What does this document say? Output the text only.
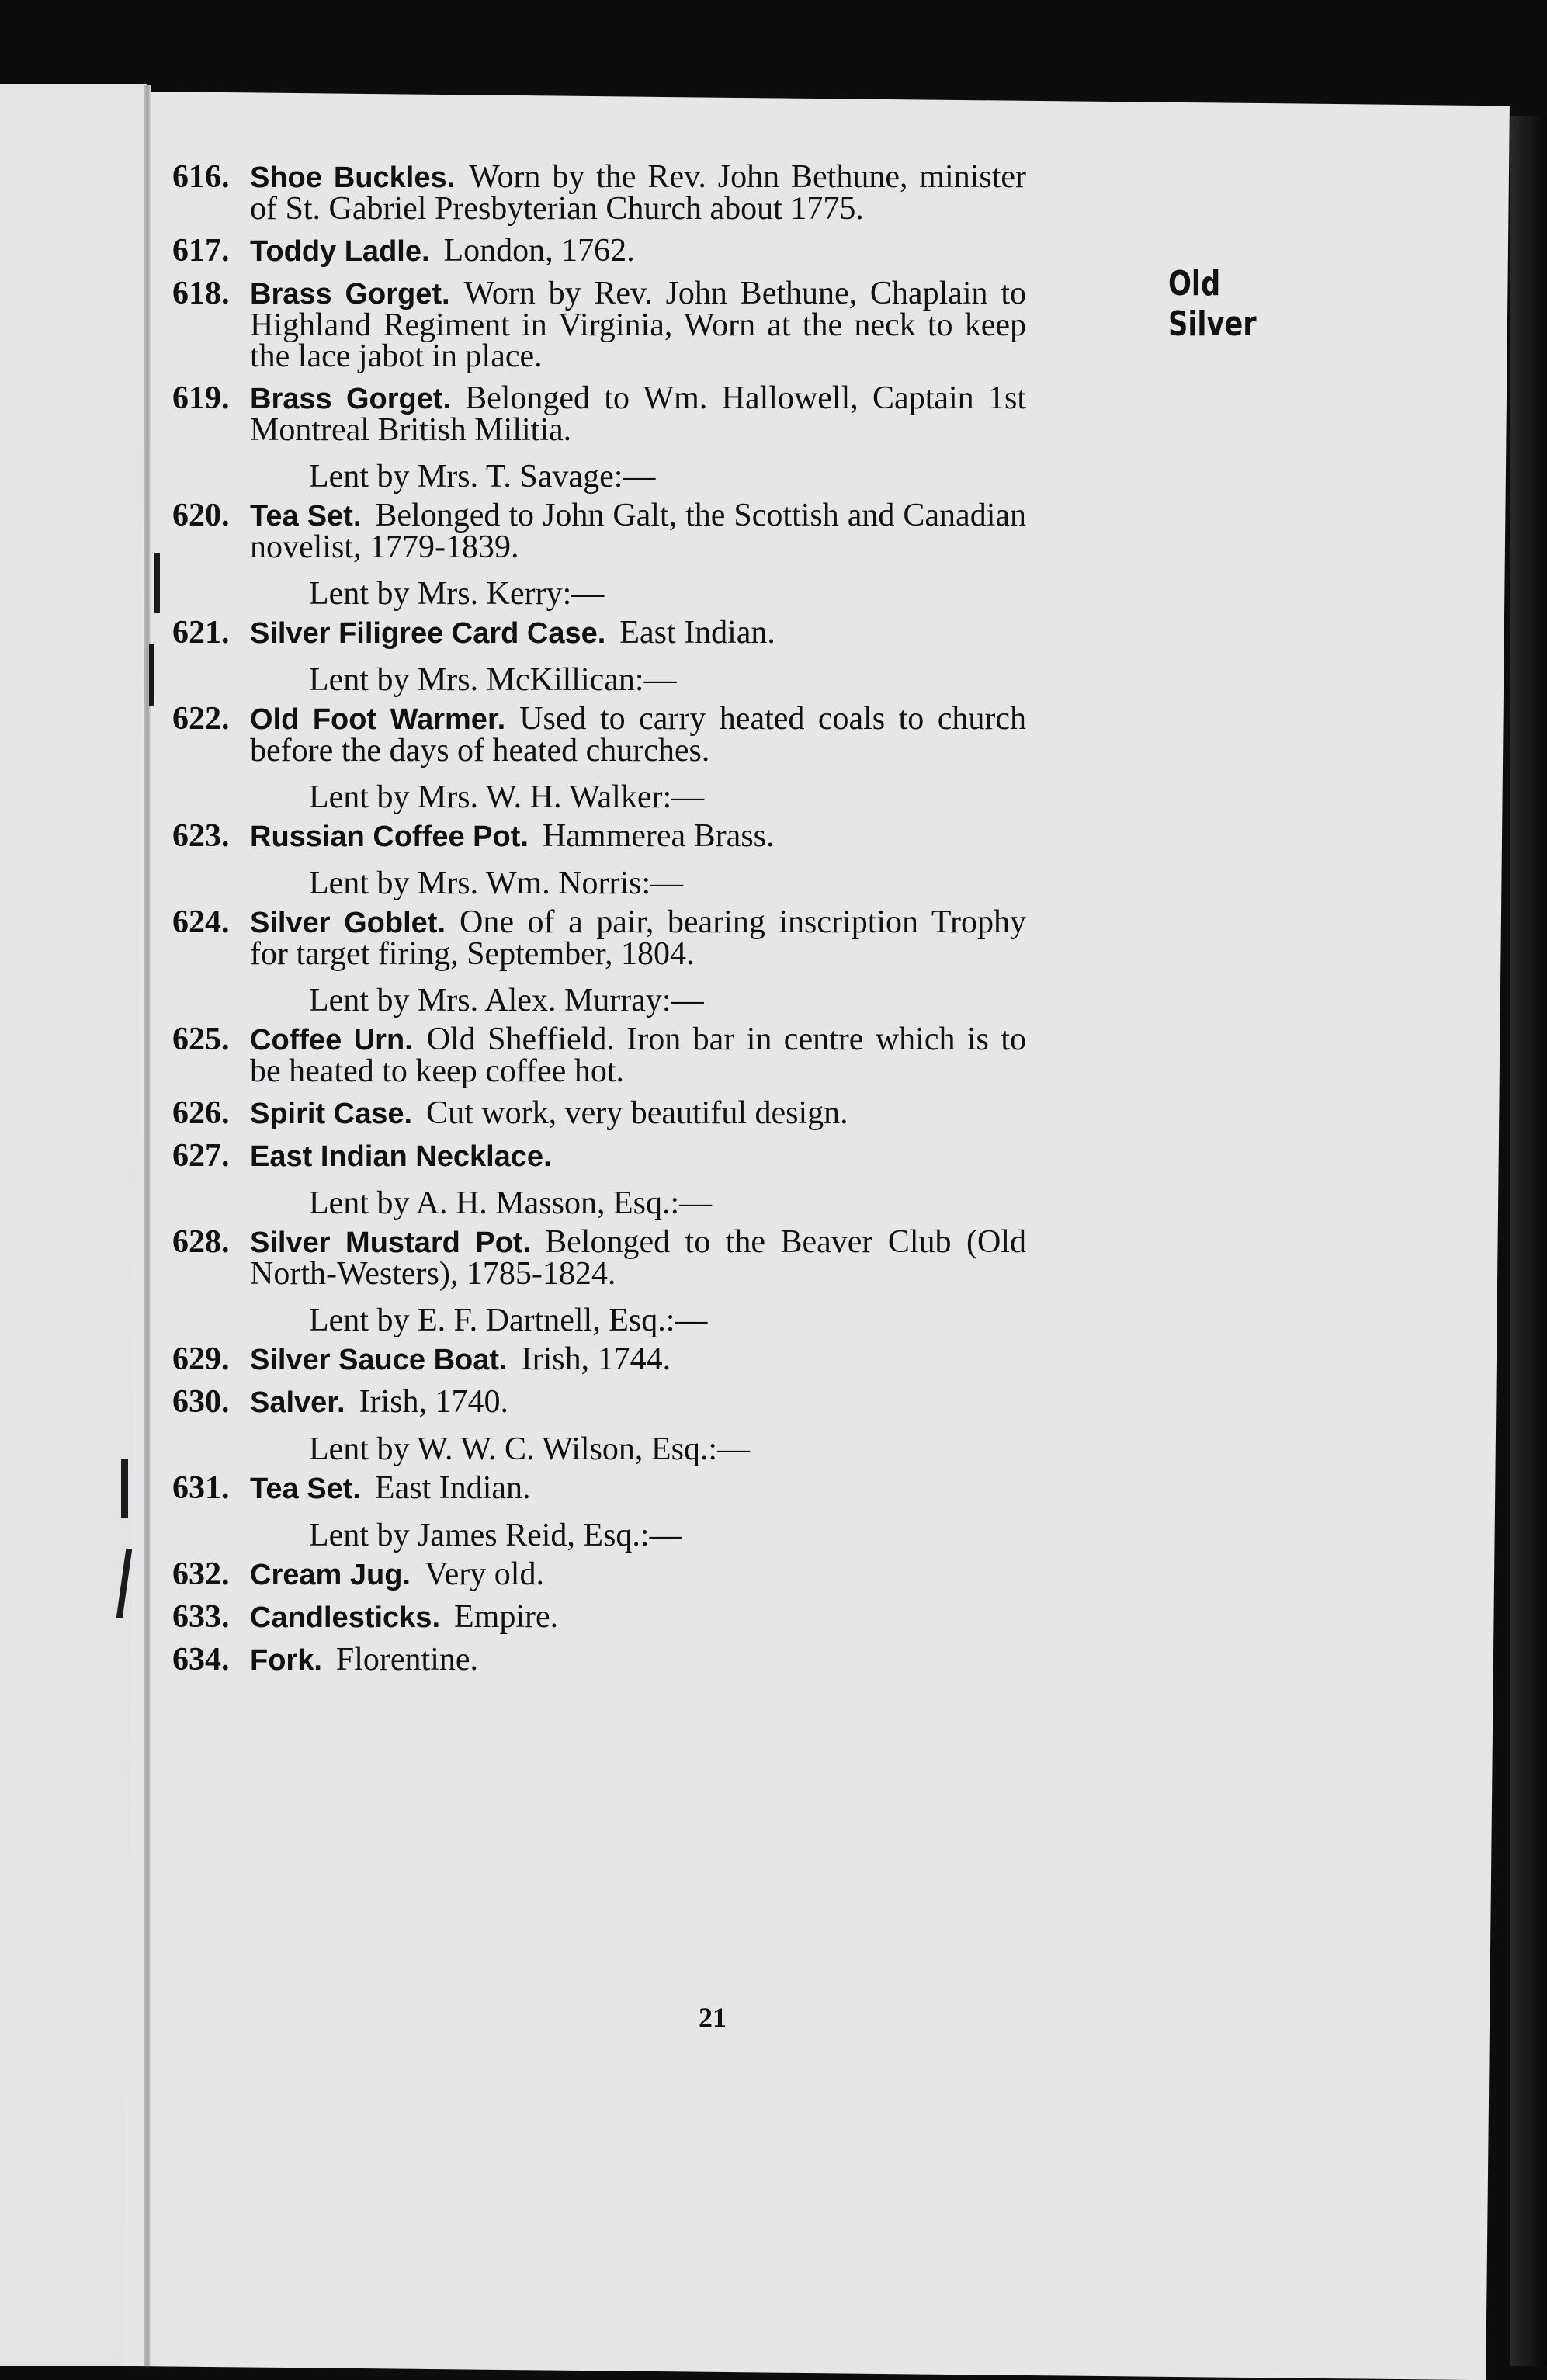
Old
Silver
616. Shoe Buckles. Worn by the Rev. John Bethune, minister of St. Gabriel Presbyterian Church about 1775.
617. Toddy Ladle. London, 1762.
618. Brass Gorget. Worn by Rev. John Bethune, Chaplain to Highland Regiment in Virginia, Worn at the neck to keep the lace jabot in place.
619. Brass Gorget. Belonged to Wm. Hallowell, Captain 1st Montreal British Militia.
Lent by Mrs. T. Savage:—
620. Tea Set. Belonged to John Galt, the Scottish and Canadian novelist, 1779-1839.
Lent by Mrs. Kerry:—
621. Silver Filigree Card Case. East Indian.
Lent by Mrs. McKillican:—
622. Old Foot Warmer. Used to carry heated coals to church before the days of heated churches.
Lent by Mrs. W. H. Walker:—
623. Russian Coffee Pot. Hammerea Brass.
Lent by Mrs. Wm. Norris:—
624. Silver Goblet. One of a pair, bearing inscription Trophy for target firing, September, 1804.
Lent by Mrs. Alex. Murray:—
625. Coffee Urn. Old Sheffield. Iron bar in centre which is to be heated to keep coffee hot.
626. Spirit Case. Cut work, very beautiful design.
627. East Indian Necklace.
Lent by A. H. Masson, Esq.:—
628. Silver Mustard Pot. Belonged to the Beaver Club (Old North-Westers), 1785-1824.
Lent by E. F. Dartnell, Esq.:—
629. Silver Sauce Boat. Irish, 1744.
630. Salver. Irish, 1740.
Lent by W. W. C. Wilson, Esq.:—
631. Tea Set. East Indian.
Lent by James Reid, Esq.:—
632. Cream Jug. Very old.
633. Candlesticks. Empire.
634. Fork. Florentine.
21
